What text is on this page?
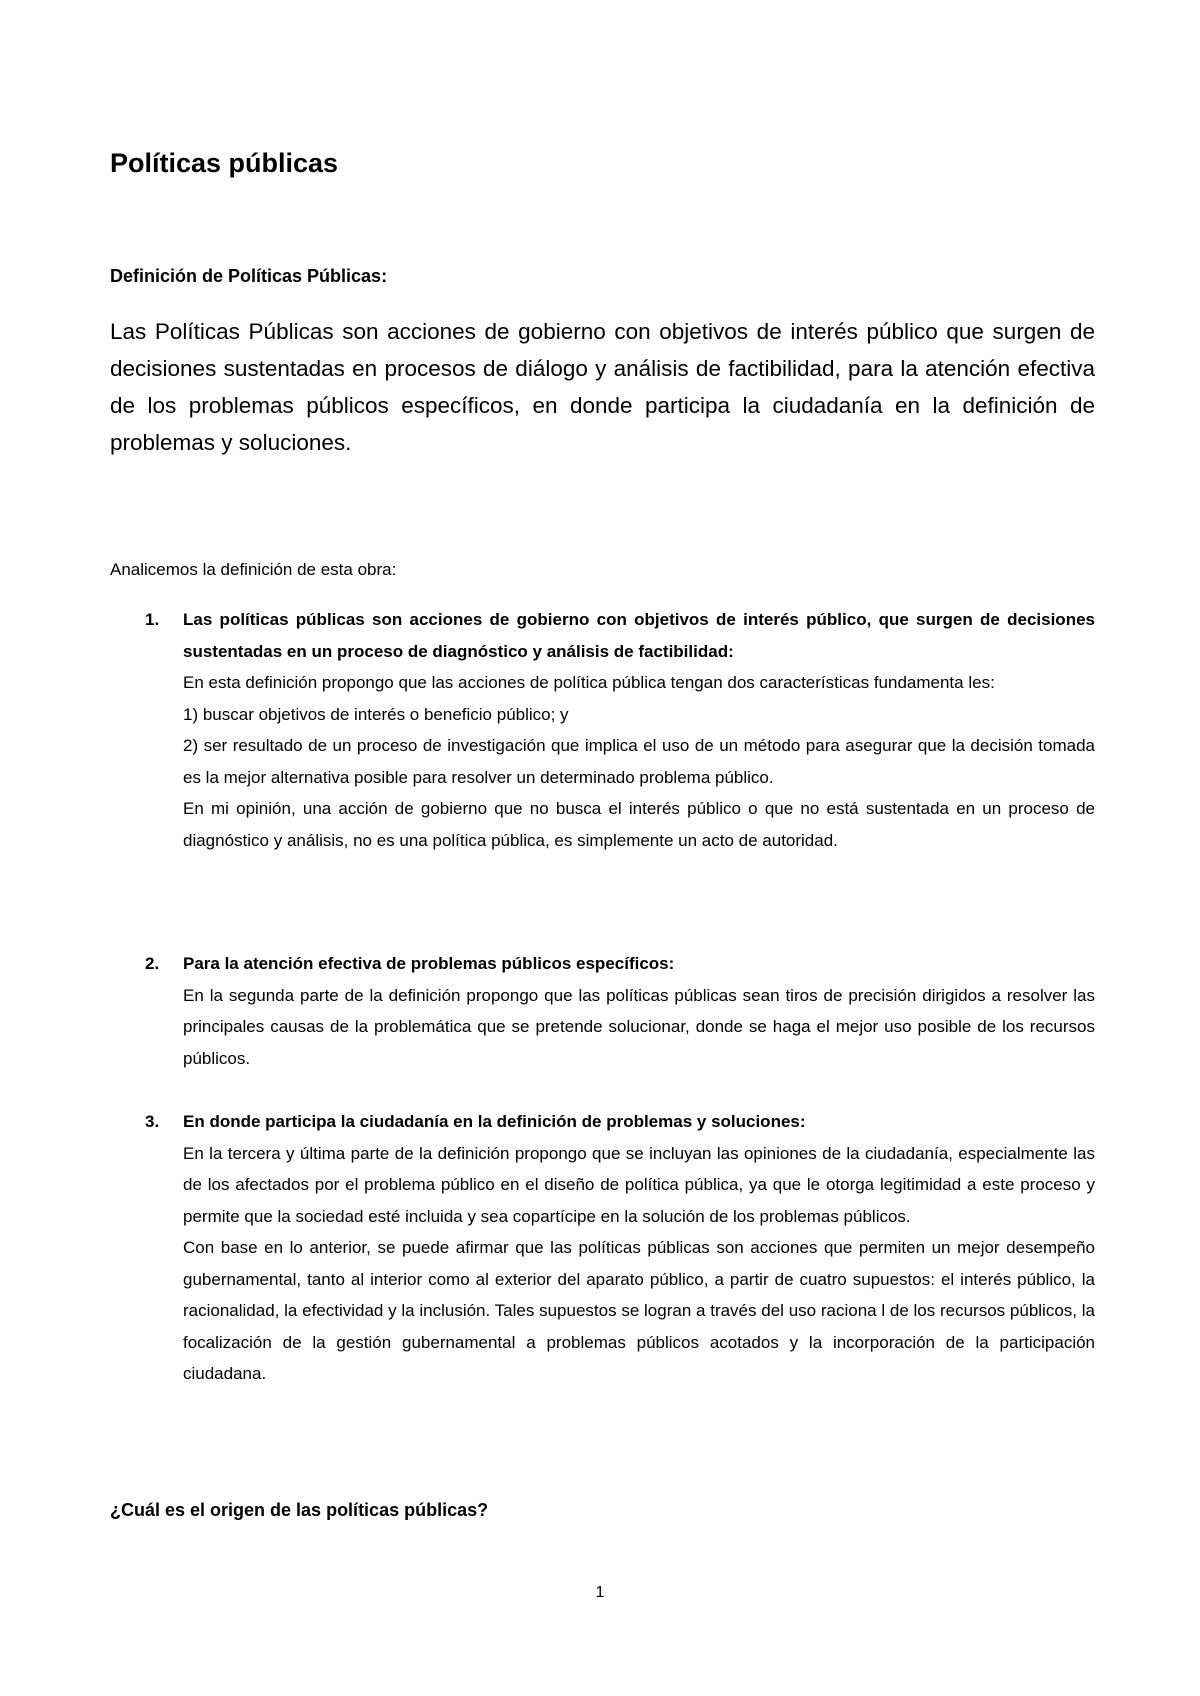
Políticas públicas
Definición de Políticas Públicas:

Las Políticas Públicas son acciones de gobierno con objetivos de interés público que surgen de decisiones sustentadas en procesos de diálogo y análisis de factibilidad, para la atención efectiva de los problemas públicos específicos, en donde participa la ciudadanía en la definición de problemas y soluciones.

Analicemos la definición de esta obra:

1. Las políticas públicas son acciones de gobierno con objetivos de interés público, que surgen de decisiones sustentadas en un proceso de diagnóstico y análisis de factibilidad:

En esta definición propongo que las acciones de política pública tengan dos características fundamenta les:

1) buscar objetivos de interés o beneficio público; y

2) ser resultado de un proceso de investigación que implica el uso de un método para asegurar que la decisión tomada es la mejor alternativa posible para resolver un determinado problema público.

En mi opinión, una acción de gobierno que no busca el interés público o que no está sustentada en un proceso de diagnóstico y análisis, no es una política pública, es simplemente un acto de autoridad.

2. Para la atención efectiva de problemas públicos específicos:

En la segunda parte de la definición propongo que las políticas públicas sean tiros de precisión dirigidos a resolver las principales causas de la problemática que se pretende solucionar, donde se haga el mejor uso posible de los recursos públicos.

3. En donde participa la ciudadanía en la definición de problemas y soluciones:

En la tercera y última parte de la definición propongo que se incluyan las opiniones de la ciudadanía, especialmente las de los afectados por el problema público en el diseño de política pública, ya que le otorga legitimidad a este proceso y permite que la sociedad esté incluida y sea copartícipe en la solución de los problemas públicos.

Con base en lo anterior, se puede afirmar que las políticas públicas son acciones que permiten un mejor desempeño gubernamental, tanto al interior como al exterior del aparato público, a partir de cuatro supuestos: el interés público, la racionalidad, la efectividad y la inclusión. Tales supuestos se logran a través del uso raciona l de los recursos públicos, la focalización de la gestión gubernamental a problemas públicos acotados y la incorporación de la participación ciudadana.

¿Cuál es el origen de las políticas públicas?
1
